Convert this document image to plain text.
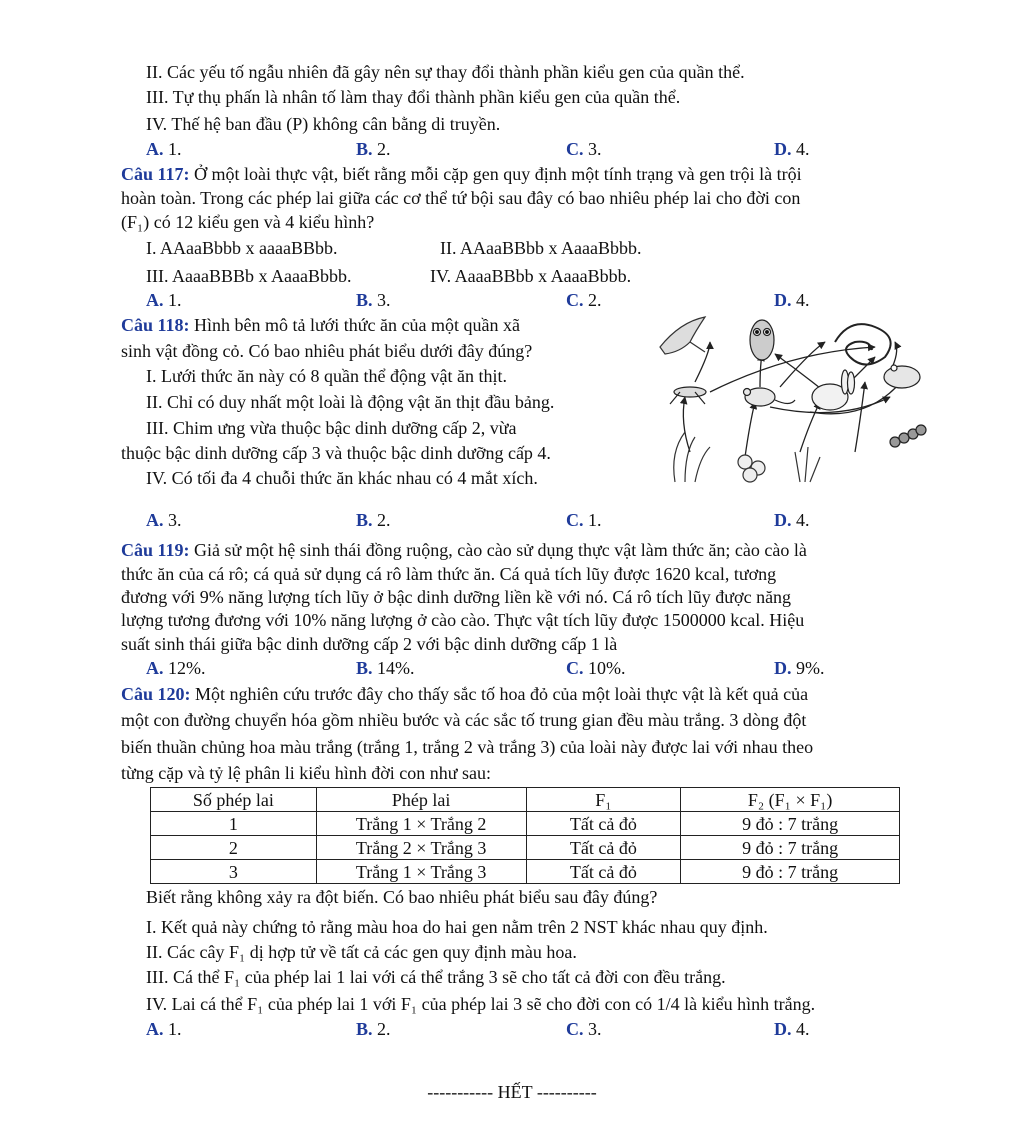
II. Các yếu tố ngẫu nhiên đã gây nên sự thay đổi thành phần kiểu gen của quần thể.
III. Tự thụ phấn là nhân tố làm thay đổi thành phần kiểu gen của quần thể.
IV. Thế hệ ban đầu (P) không cân bằng di truyền.
A. 1.	B. 2.	C. 3.	D. 4.
Câu 117: Ở một loài thực vật, biết rằng mỗi cặp gen quy định một tính trạng và gen trội là trội
hoàn toàn. Trong các phép lai giữa các cơ thể tứ bội sau đây có bao nhiêu phép lai cho đời con
(F₁) có 12 kiểu gen và 4 kiểu hình?
I. AAaaBbbb x aaaaBBbb.	II. AAaaBBbb x AaaaBbbb.
III. AaaaBBBb x AaaaBbbb.	IV. AaaaBBbb x AaaaBbbb.
A. 1.	B. 3.	C. 2.	D. 4.
Câu 118: Hình bên mô tả lưới thức ăn của một quần xã
sinh vật đồng cỏ. Có bao nhiêu phát biểu dưới đây đúng?
I. Lưới thức ăn này có 8 quần thể động vật ăn thịt.
II. Chỉ có duy nhất một loài là động vật ăn thịt đầu bảng.
III. Chim ưng vừa thuộc bậc dinh dưỡng cấp 2, vừa
thuộc bậc dinh dưỡng cấp 3 và thuộc bậc dinh dưỡng cấp 4.
IV. Có tối đa 4 chuỗi thức ăn khác nhau có 4 mắt xích.
A. 3.	B. 2.	C. 1.	D. 4.
Câu 119: Giả sử một hệ sinh thái đồng ruộng, cào cào sử dụng thực vật làm thức ăn; cào cào là
thức ăn của cá rô; cá quả sử dụng cá rô làm thức ăn. Cá quả tích lũy được 1620 kcal, tương
đương với 9% năng lượng tích lũy ở bậc dinh dưỡng liền kề với nó. Cá rô tích lũy được năng
lượng tương đương với 10% năng lượng ở cào cào. Thực vật tích lũy được 1500000 kcal. Hiệu
suất sinh thái giữa bậc dinh dưỡng cấp 2 với bậc dinh dưỡng cấp 1 là
A. 12%.	B. 14%.	C. 10%.	D. 9%.
Câu 120: Một nghiên cứu trước đây cho thấy sắc tố hoa đỏ của một loài thực vật là kết quả của
một con đường chuyển hóa gồm nhiều bước và các sắc tố trung gian đều màu trắng. 3 dòng đột
biến thuần chủng hoa màu trắng (trắng 1, trắng 2 và trắng 3) của loài này được lai với nhau theo
từng cặp và tỷ lệ phân li kiểu hình đời con như sau:
Số phép lai	Phép lai	F₁	F₂ (F₁ × F₁)
1	Trắng 1 × Trắng 2	Tất cả đỏ	9 đỏ : 7 trắng
2	Trắng 2 × Trắng 3	Tất cả đỏ	9 đỏ : 7 trắng
3	Trắng 1 × Trắng 3	Tất cả đỏ	9 đỏ : 7 trắng
Biết rằng không xảy ra đột biến. Có bao nhiêu phát biểu sau đây đúng?
I. Kết quả này chứng tỏ rằng màu hoa do hai gen nằm trên 2 NST khác nhau quy định.
II. Các cây F₁ dị hợp tử về tất cả các gen quy định màu hoa.
III. Cá thể F₁ của phép lai 1 lai với cá thể trắng 3 sẽ cho tất cả đời con đều trắng.
IV. Lai cá thể F₁ của phép lai 1 với F₁ của phép lai 3 sẽ cho đời con có 1/4 là kiểu hình trắng.
A. 1.	B. 2.	C. 3.	D. 4.
----------- HẾT ----------
